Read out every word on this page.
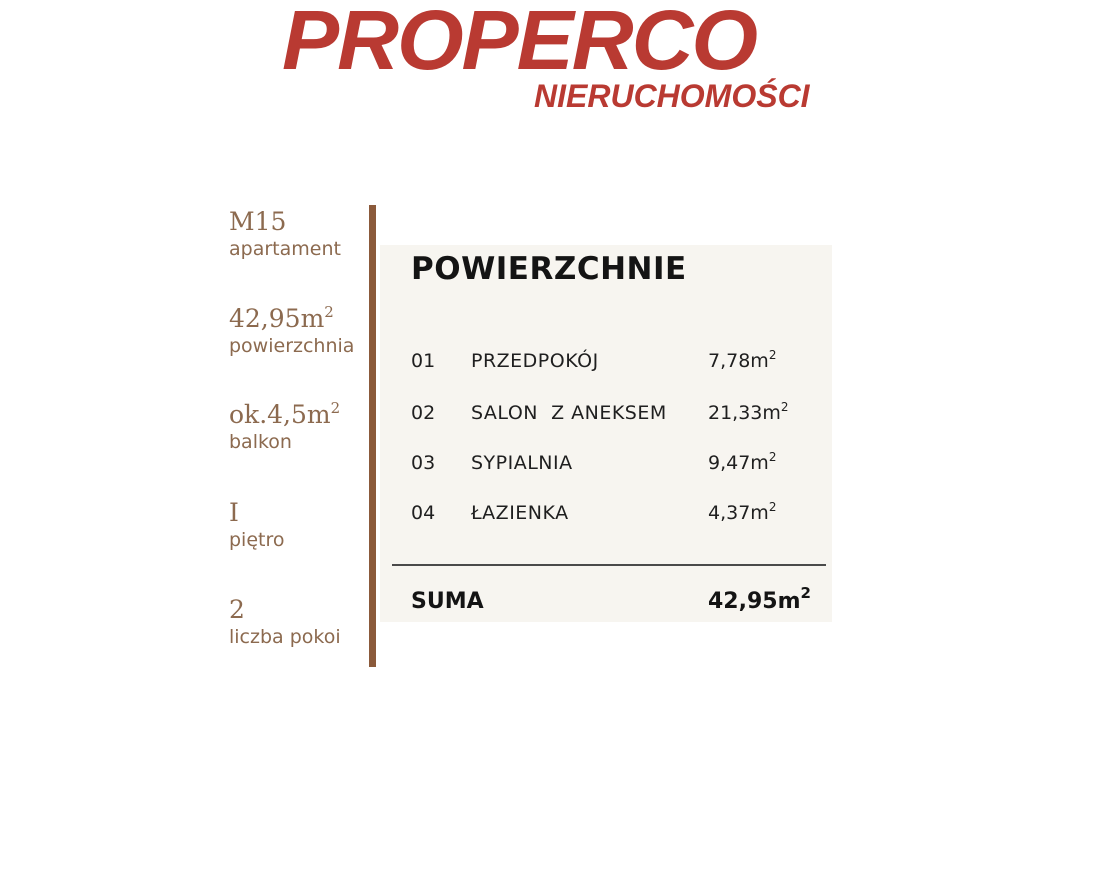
PROPERCO
NIERUCHOMOŚCI
M15
apartament
$42,95m^2$
powierzchnia
$ok.4,5m^2$
balkon
I
piętro
2
liczba pokoi
POWIERZCHNIE
01 PRZEDPOKÓJ	$7,78m^2$
02 SALON  Z ANEKSEM $21,33m^2$
03 SYPIALNIA	$9,47m^2$
04 ŁAZIENKA	$4,37m^2$
SUMA	$42,95m^2$
